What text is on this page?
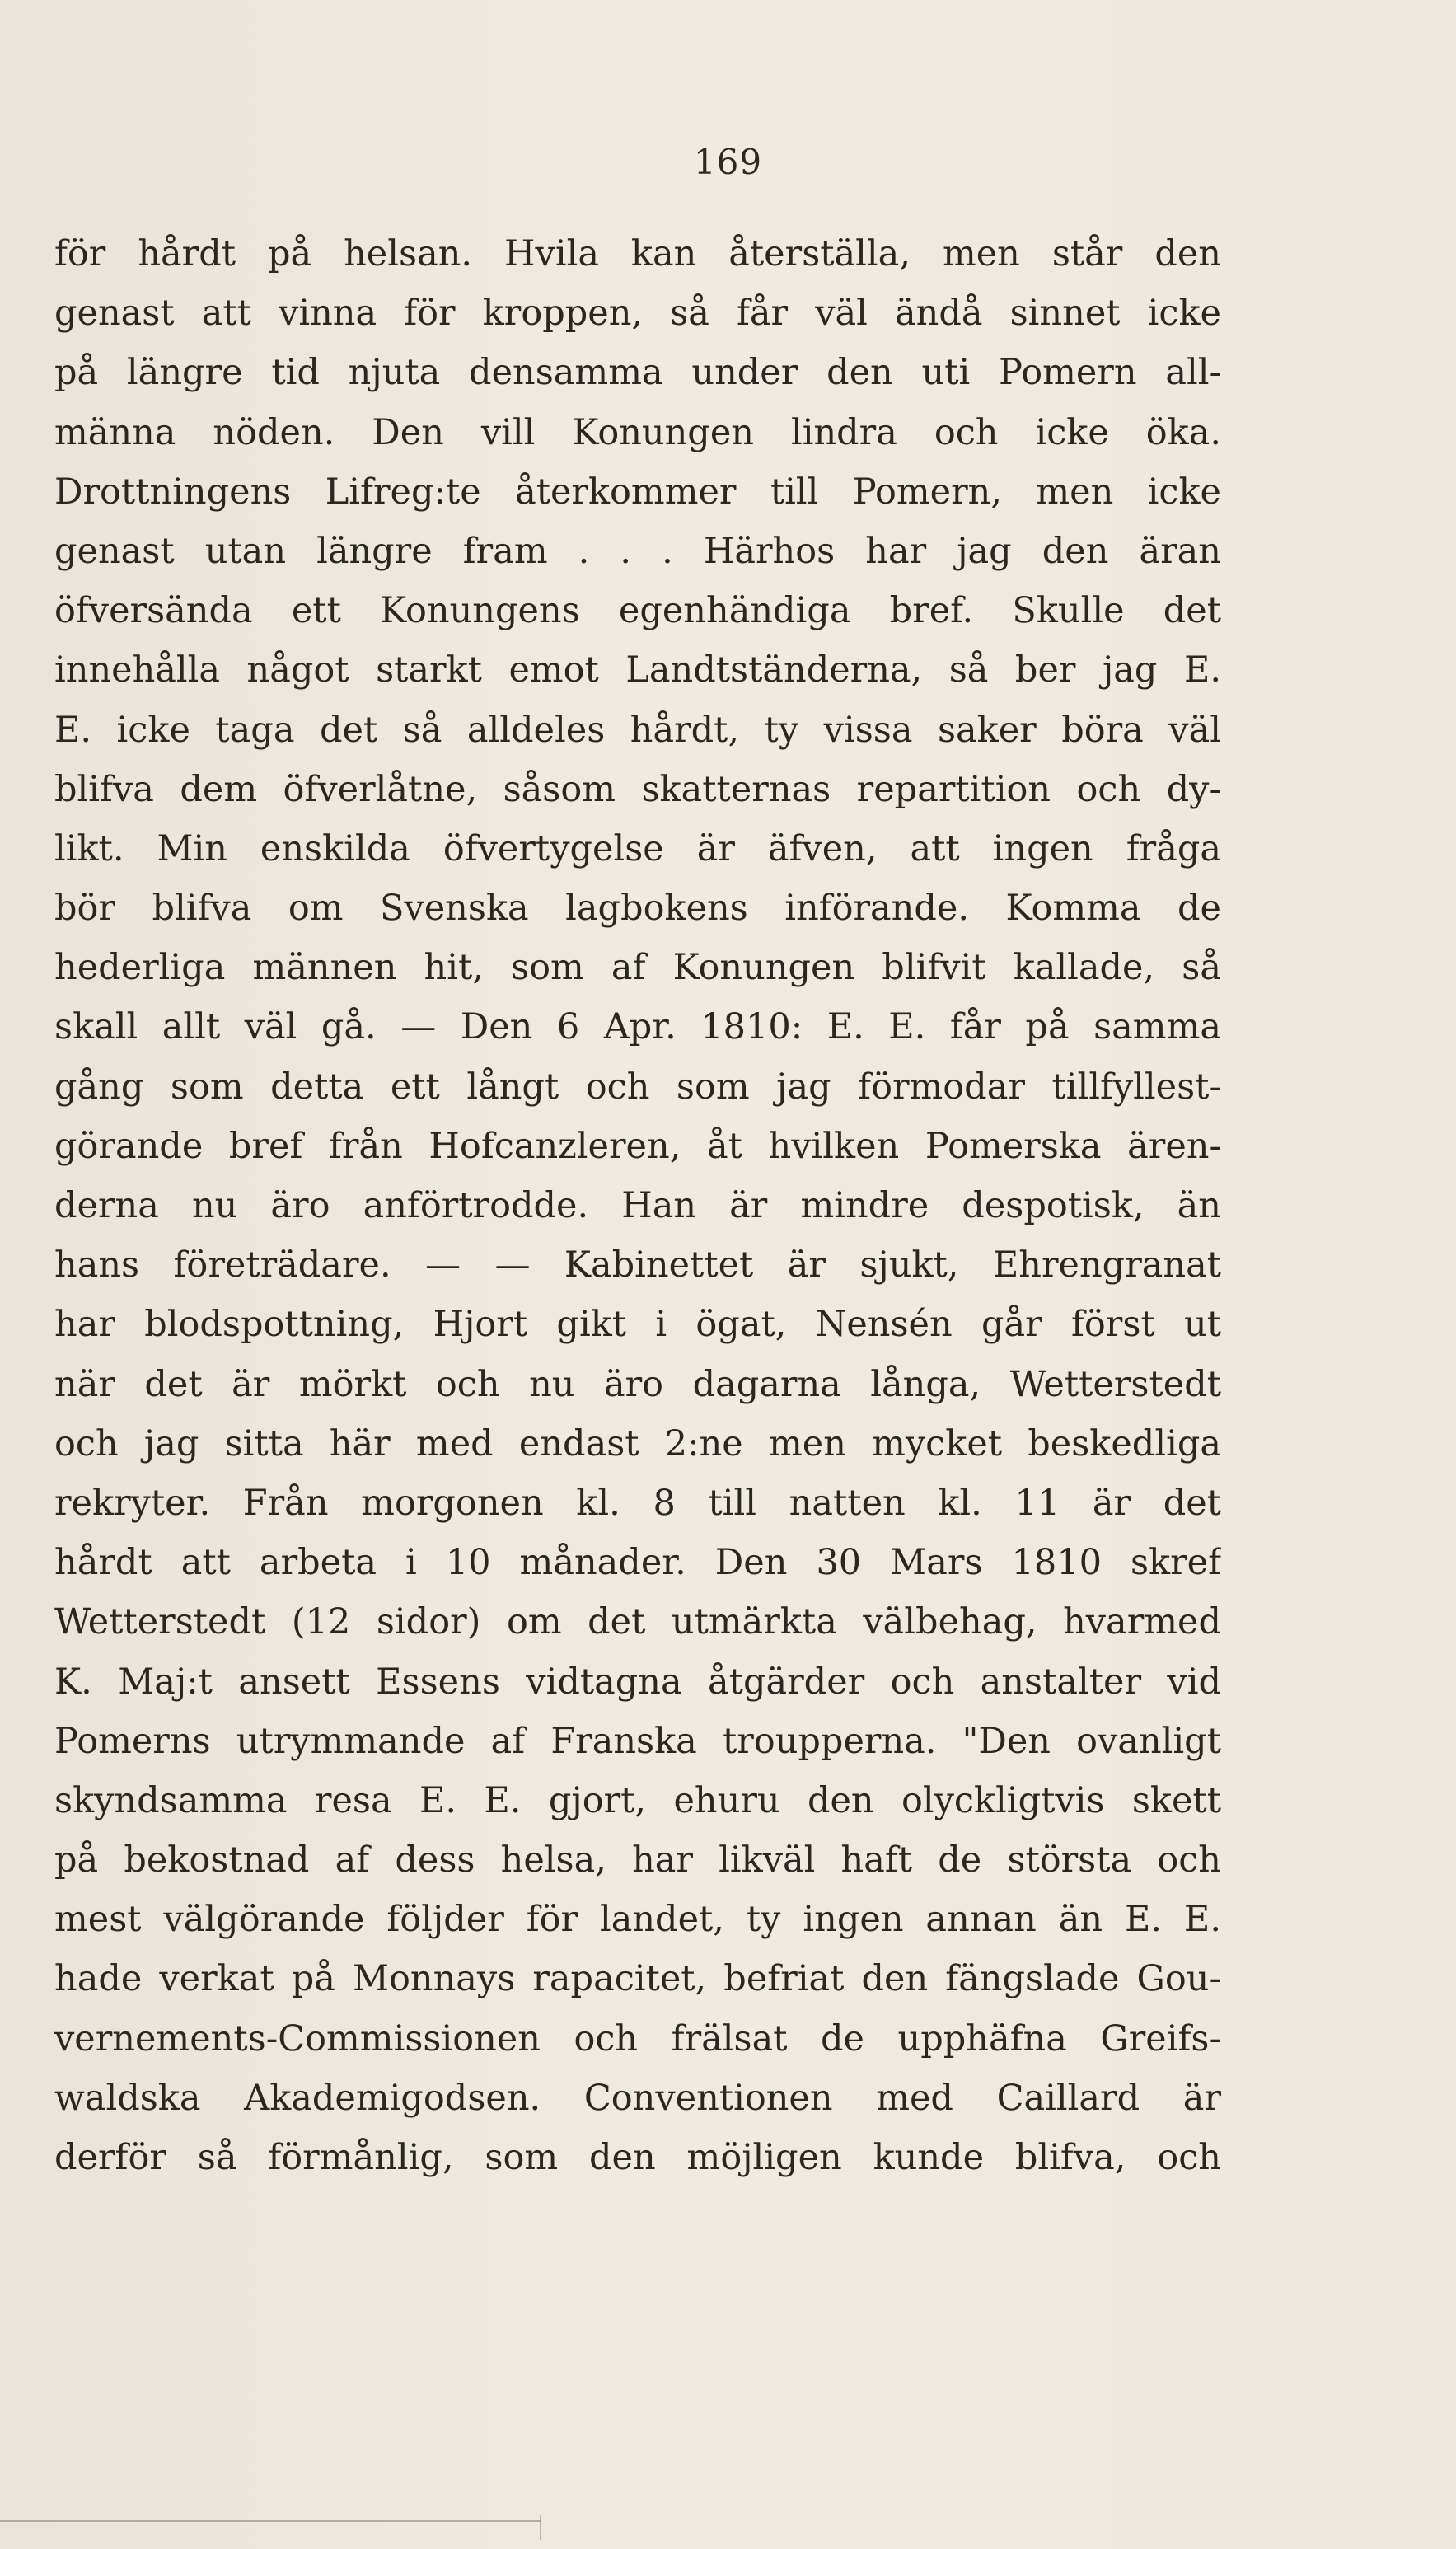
169
för hårdt på helsan. Hvila kan återställa, men står den
genast att vinna för kroppen, så får väl ändå sinnet icke
på längre tid njuta densamma under den uti Pomern all-
männa nöden. Den vill Konungen lindra och icke öka.
Drottningens Lifreg:te återkommer till Pomern, men icke
genast utan längre fram . . . Härhos har jag den äran
öfversända ett Konungens egenhändiga bref. Skulle det
innehålla något starkt emot Landtständerna, så ber jag E.
E. icke taga det så alldeles hårdt, ty vissa saker böra väl
blifva dem öfverlåtne, såsom skatternas repartition och dy-
likt. Min enskilda öfvertygelse är äfven, att ingen fråga
bör blifva om Svenska lagbokens införande. Komma de
hederliga männen hit, som af Konungen blifvit kallade, så
skall allt väl gå. — Den 6 Apr. 1810: E. E. får på samma
gång som detta ett långt och som jag förmodar tillfyllest-
görande bref från Hofcanzleren, åt hvilken Pomerska ären-
derna nu äro anförtrodde. Han är mindre despotisk, än
hans företrädare. — — Kabinettet är sjukt, Ehrengranat
har blodspottning, Hjort gikt i ögat, Nensén går först ut
när det är mörkt och nu äro dagarna långa, Wetterstedt
och jag sitta här med endast 2:ne men mycket beskedliga
rekryter. Från morgonen kl. 8 till natten kl. 11 är det
hårdt att arbeta i 10 månader. Den 30 Mars 1810 skref
Wetterstedt (12 sidor) om det utmärkta välbehag, hvarmed
K. Maj:t ansett Essens vidtagna åtgärder och anstalter vid
Pomerns utrymmande af Franska troupperna. "Den ovanligt
skyndsamma resa E. E. gjort, ehuru den olyckligtvis skett
på bekostnad af dess helsa, har likväl haft de största och
mest välgörande följder för landet, ty ingen annan än E. E.
hade verkat på Monnays rapacitet, befriat den fängslade Gou-
vernements-Commissionen och frälsat de upphäfna Greifs-
waldska Akademigodsen. Conventionen med Caillard är
derför så förmånlig, som den möjligen kunde blifva, och
